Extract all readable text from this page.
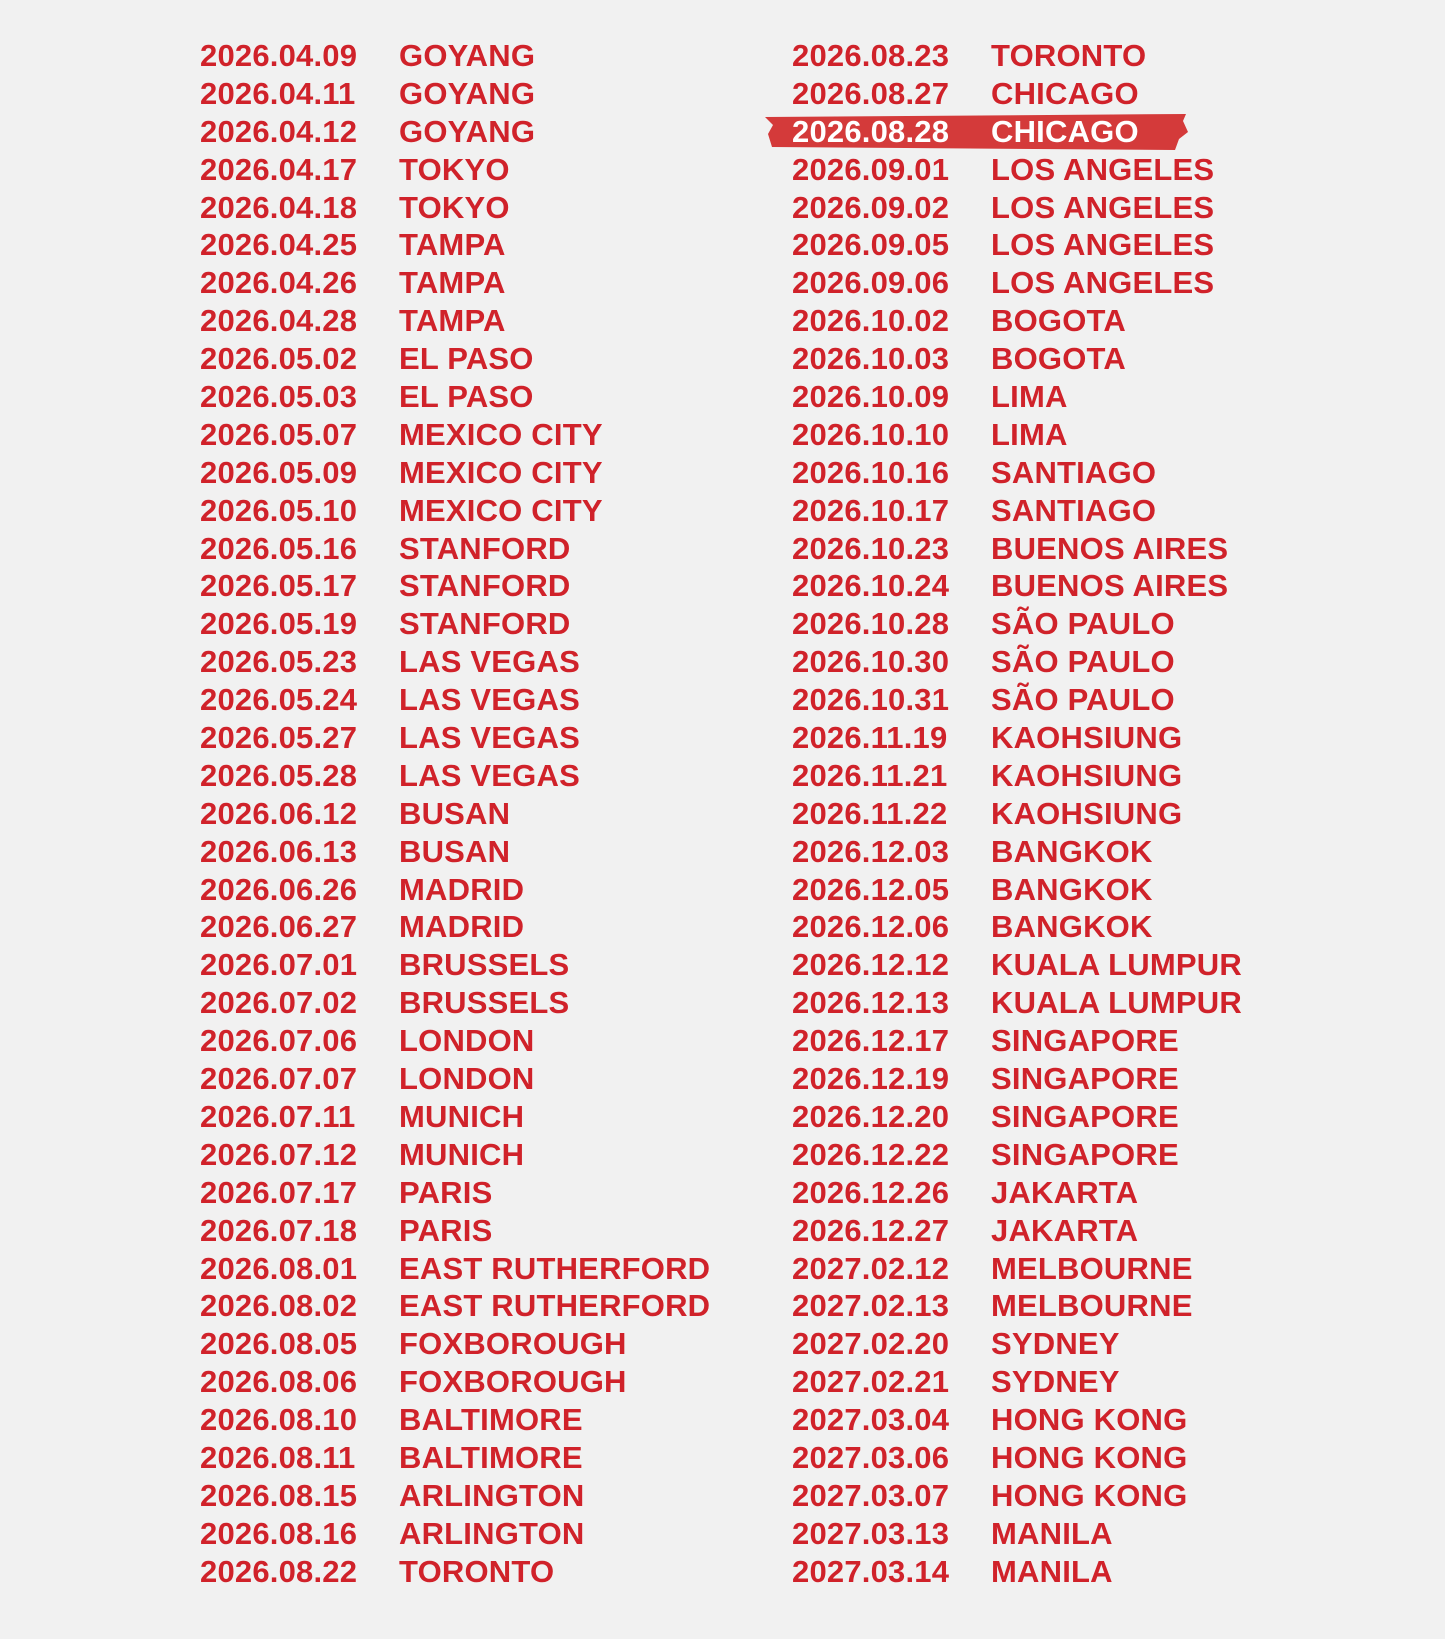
2026.04.09 GOYANG
2026.04.11 GOYANG
2026.04.12 GOYANG
2026.04.17 TOKYO
2026.04.18 TOKYO
2026.04.25 TAMPA
2026.04.26 TAMPA
2026.04.28 TAMPA
2026.05.02 EL PASO
2026.05.03 EL PASO
2026.05.07 MEXICO CITY
2026.05.09 MEXICO CITY
2026.05.10 MEXICO CITY
2026.05.16 STANFORD
2026.05.17 STANFORD
2026.05.19 STANFORD
2026.05.23 LAS VEGAS
2026.05.24 LAS VEGAS
2026.05.27 LAS VEGAS
2026.05.28 LAS VEGAS
2026.06.12 BUSAN
2026.06.13 BUSAN
2026.06.26 MADRID
2026.06.27 MADRID
2026.07.01 BRUSSELS
2026.07.02 BRUSSELS
2026.07.06 LONDON
2026.07.07 LONDON
2026.07.11 MUNICH
2026.07.12 MUNICH
2026.07.17 PARIS
2026.07.18 PARIS
2026.08.01 EAST RUTHERFORD
2026.08.02 EAST RUTHERFORD
2026.08.05 FOXBOROUGH
2026.08.06 FOXBOROUGH
2026.08.10 BALTIMORE
2026.08.11 BALTIMORE
2026.08.15 ARLINGTON
2026.08.16 ARLINGTON
2026.08.22 TORONTO
2026.08.23 TORONTO
2026.08.27 CHICAGO
2026.08.28 CHICAGO
2026.09.01 LOS ANGELES
2026.09.02 LOS ANGELES
2026.09.05 LOS ANGELES
2026.09.06 LOS ANGELES
2026.10.02 BOGOTA
2026.10.03 BOGOTA
2026.10.09 LIMA
2026.10.10 LIMA
2026.10.16 SANTIAGO
2026.10.17 SANTIAGO
2026.10.23 BUENOS AIRES
2026.10.24 BUENOS AIRES
2026.10.28 SÃO PAULO
2026.10.30 SÃO PAULO
2026.10.31 SÃO PAULO
2026.11.19 KAOHSIUNG
2026.11.21 KAOHSIUNG
2026.11.22 KAOHSIUNG
2026.12.03 BANGKOK
2026.12.05 BANGKOK
2026.12.06 BANGKOK
2026.12.12 KUALA LUMPUR
2026.12.13 KUALA LUMPUR
2026.12.17 SINGAPORE
2026.12.19 SINGAPORE
2026.12.20 SINGAPORE
2026.12.22 SINGAPORE
2026.12.26 JAKARTA
2026.12.27 JAKARTA
2027.02.12 MELBOURNE
2027.02.13 MELBOURNE
2027.02.20 SYDNEY
2027.02.21 SYDNEY
2027.03.04 HONG KONG
2027.03.06 HONG KONG
2027.03.07 HONG KONG
2027.03.13 MANILA
2027.03.14 MANILA
